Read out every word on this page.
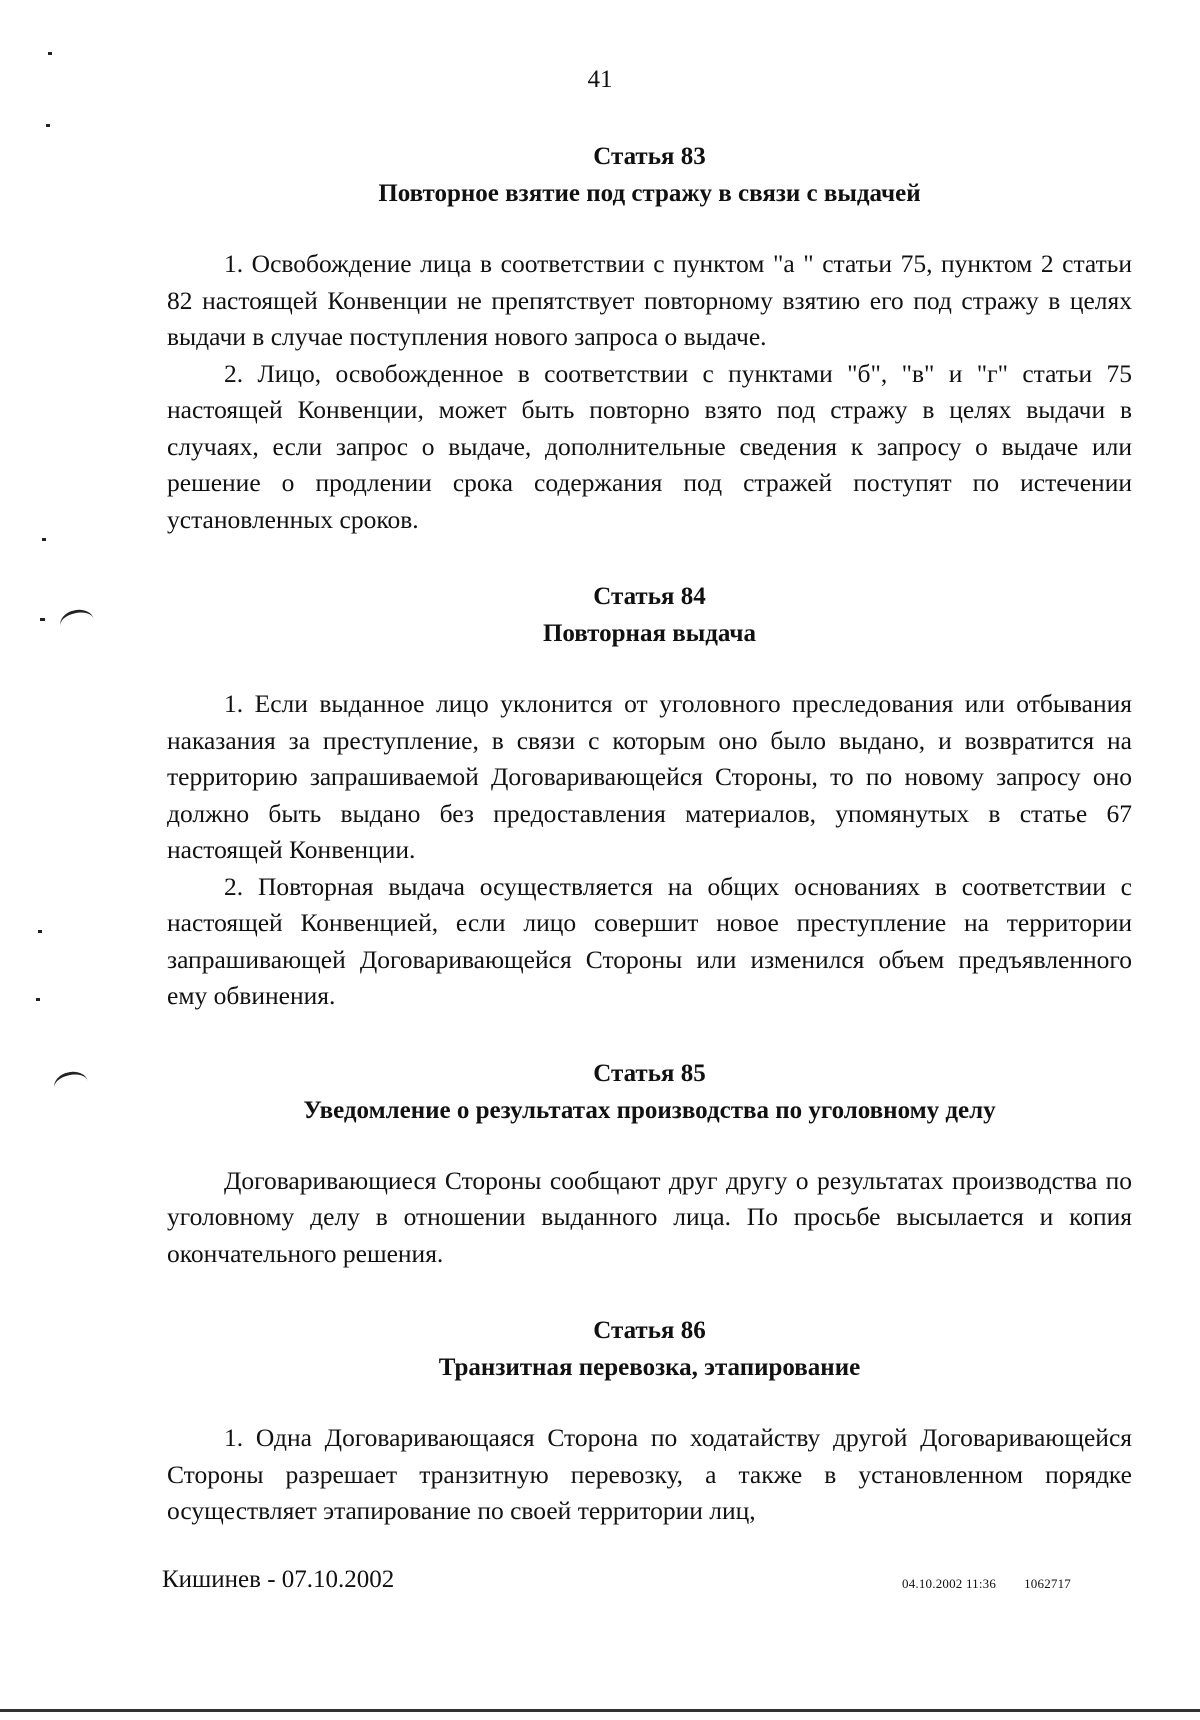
41
Статья 83
Повторное взятие под стражу в связи с выдачей

1. Освобождение лица в соответствии с пунктом "а " статьи 75, пунктом 2 статьи 82 настоящей Конвенции не препятствует повторному взятию его под стражу в целях выдачи в случае поступления нового запроса о выдаче.

2. Лицо, освобожденное в соответствии с пунктами "б", "в" и "г" статьи 75 настоящей Конвенции, может быть повторно взято под стражу в целях выдачи в случаях, если запрос о выдаче, дополнительные сведения к запросу о выдаче или решение о продлении срока содержания под стражей поступят по истечении установленных сроков.

Статья 84
Повторная выдача

1. Если выданное лицо уклонится от уголовного преследования или отбывания наказания за преступление, в связи с которым оно было выдано, и возвратится на территорию запрашиваемой Договаривающейся Стороны, то по новому запросу оно должно быть выдано без предоставления материалов, упомянутых в статье 67 настоящей Конвенции.

2. Повторная выдача осуществляется на общих основаниях в соответствии с настоящей Конвенцией, если лицо совершит новое преступление на территории запрашивающей Договаривающейся Стороны или изменился объем предъявленного ему обвинения.

Статья 85
Уведомление о результатах производства по уголовному делу

Договаривающиеся Стороны сообщают друг другу о результатах производства по уголовному делу в отношении выданного лица. По просьбе высылается и копия окончательного решения.

Статья 86
Транзитная перевозка, этапирование

1. Одна Договаривающаяся Сторона по ходатайству другой Договаривающейся Стороны разрешает транзитную перевозку, а также в установленном порядке осуществляет этапирование по своей территории лиц,

Кишинев - 07.10.2002	04.10.2002 11:36 1062717
